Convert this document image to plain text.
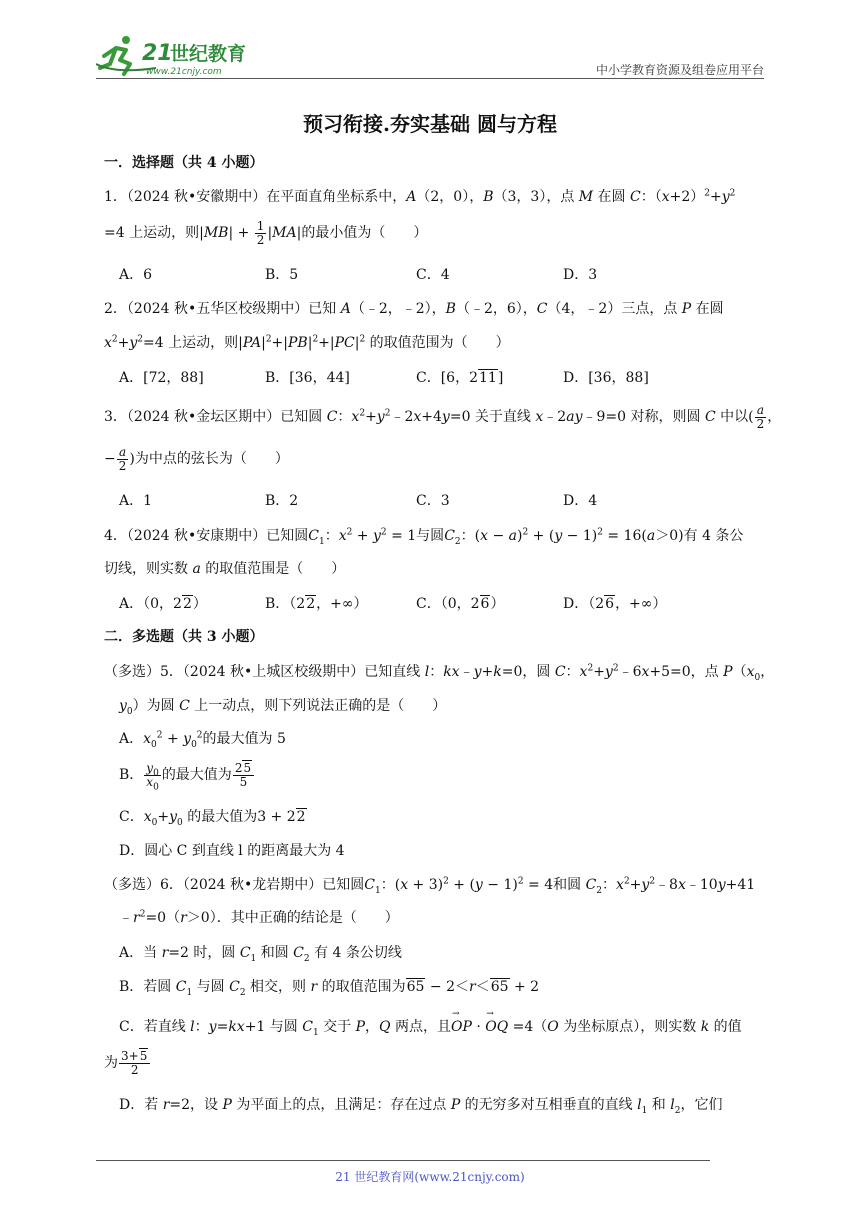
21
世纪教育
www.21cnjy.com	中小学教育资源及组卷应用平台
预习衔接.夯实基础 圆与方程
一．选择题（共 4 小题）
1．（2024 秋•安徽期中）在平面直角坐标系中，A（2，0），B（3，3），点 M 在圆 C：$(x+2)^2+y^2$
=4 上运动，则$|MB| + \frac{1}{2} |MA|$的最小值为（　　）
A．6	B．5	C．4	D．3
2．（2024 秋•五华区校级期中）已知 A（﹣2，﹣2），B（﹣2，6），C（4，﹣2）三点，点 P 在圆
$x^2+y^2=4$ 上运动，则$|PA|^2+|PB|^2+|PC|^2$ 的取值范围为（　　）
A．[72，88]	B．[36，44]	C．[6，211]	D．[36，88]
3．（2024 秋•金坛区期中）已知圆 C：$x^2+y^2﹣2x+4y=0$ 关于直线 x﹣2ay﹣9=0 对称，则圆 C 中以( $\frac{a}{2}$ ，
− $\frac{a}{2}$ )为中点的弦长为（　　）
A．1	B．2	C．3	D．4
4．（2024 秋•安康期中）已知圆$C_1$：$x^2 + y^2 = 1$与圆$C_2$：$(x - a)^2 + (y - 1)^2 = 16(a>0)$有 4 条公
切线，则实数 a 的取值范围是（　　）
A．（0，22）	B．（22，+∞）	C．（0，26）	D．（26，+∞）
二．多选题（共 3 小题）
（多选）5．（2024 秋•上城区校级期中）已知直线 l：kx﹣y+k=0，圆 C：$x^2+y^2﹣6x+5=0$，点 $P(x_0$，
$y_0$）为圆 C 上一动点，则下列说法正确的是（　　）
A．$x_0^2 + y_0^2$的最大值为 5
B． $\frac{y_0}{x_0}$ 的最大值为 $\frac{25}{5}$
C．$x_0+y_0$ 的最大值为3 + 22
D．圆心 C 到直线 l 的距离最大为 4
（多选）6．（2024 秋•龙岩期中）已知圆$C_1$：$(x + 3)^2 + (y - 1)^2 = 4$和圆 $C_2$：$x^2+y^2﹣8x﹣10y+41$
$﹣r^2=0(r>0)$．其中正确的结论是（　　）
A．当 r=2 时，圆 $C_1$ 和圆 $C_2$ 有 4 条公切线
B．若圆 $C_1$ 与圆 $C_2$ 相交，则 r 的取值范围为65 − 2＜r＜65 + 2
C．若直线 l：y=kx+1 与圆 $C_1$ 交于 P，Q 两点，且→ OP · → OQ =4（O 为坐标原点），则实数 k 的值
为 $\frac{3+5}{2}$
D．若 r=2，设 P 为平面上的点，且满足：存在过点 P 的无穷多对互相垂直的直线 $l_1$ 和 $l_2$，它们
21 世纪教育网(www.21cnjy.com)
